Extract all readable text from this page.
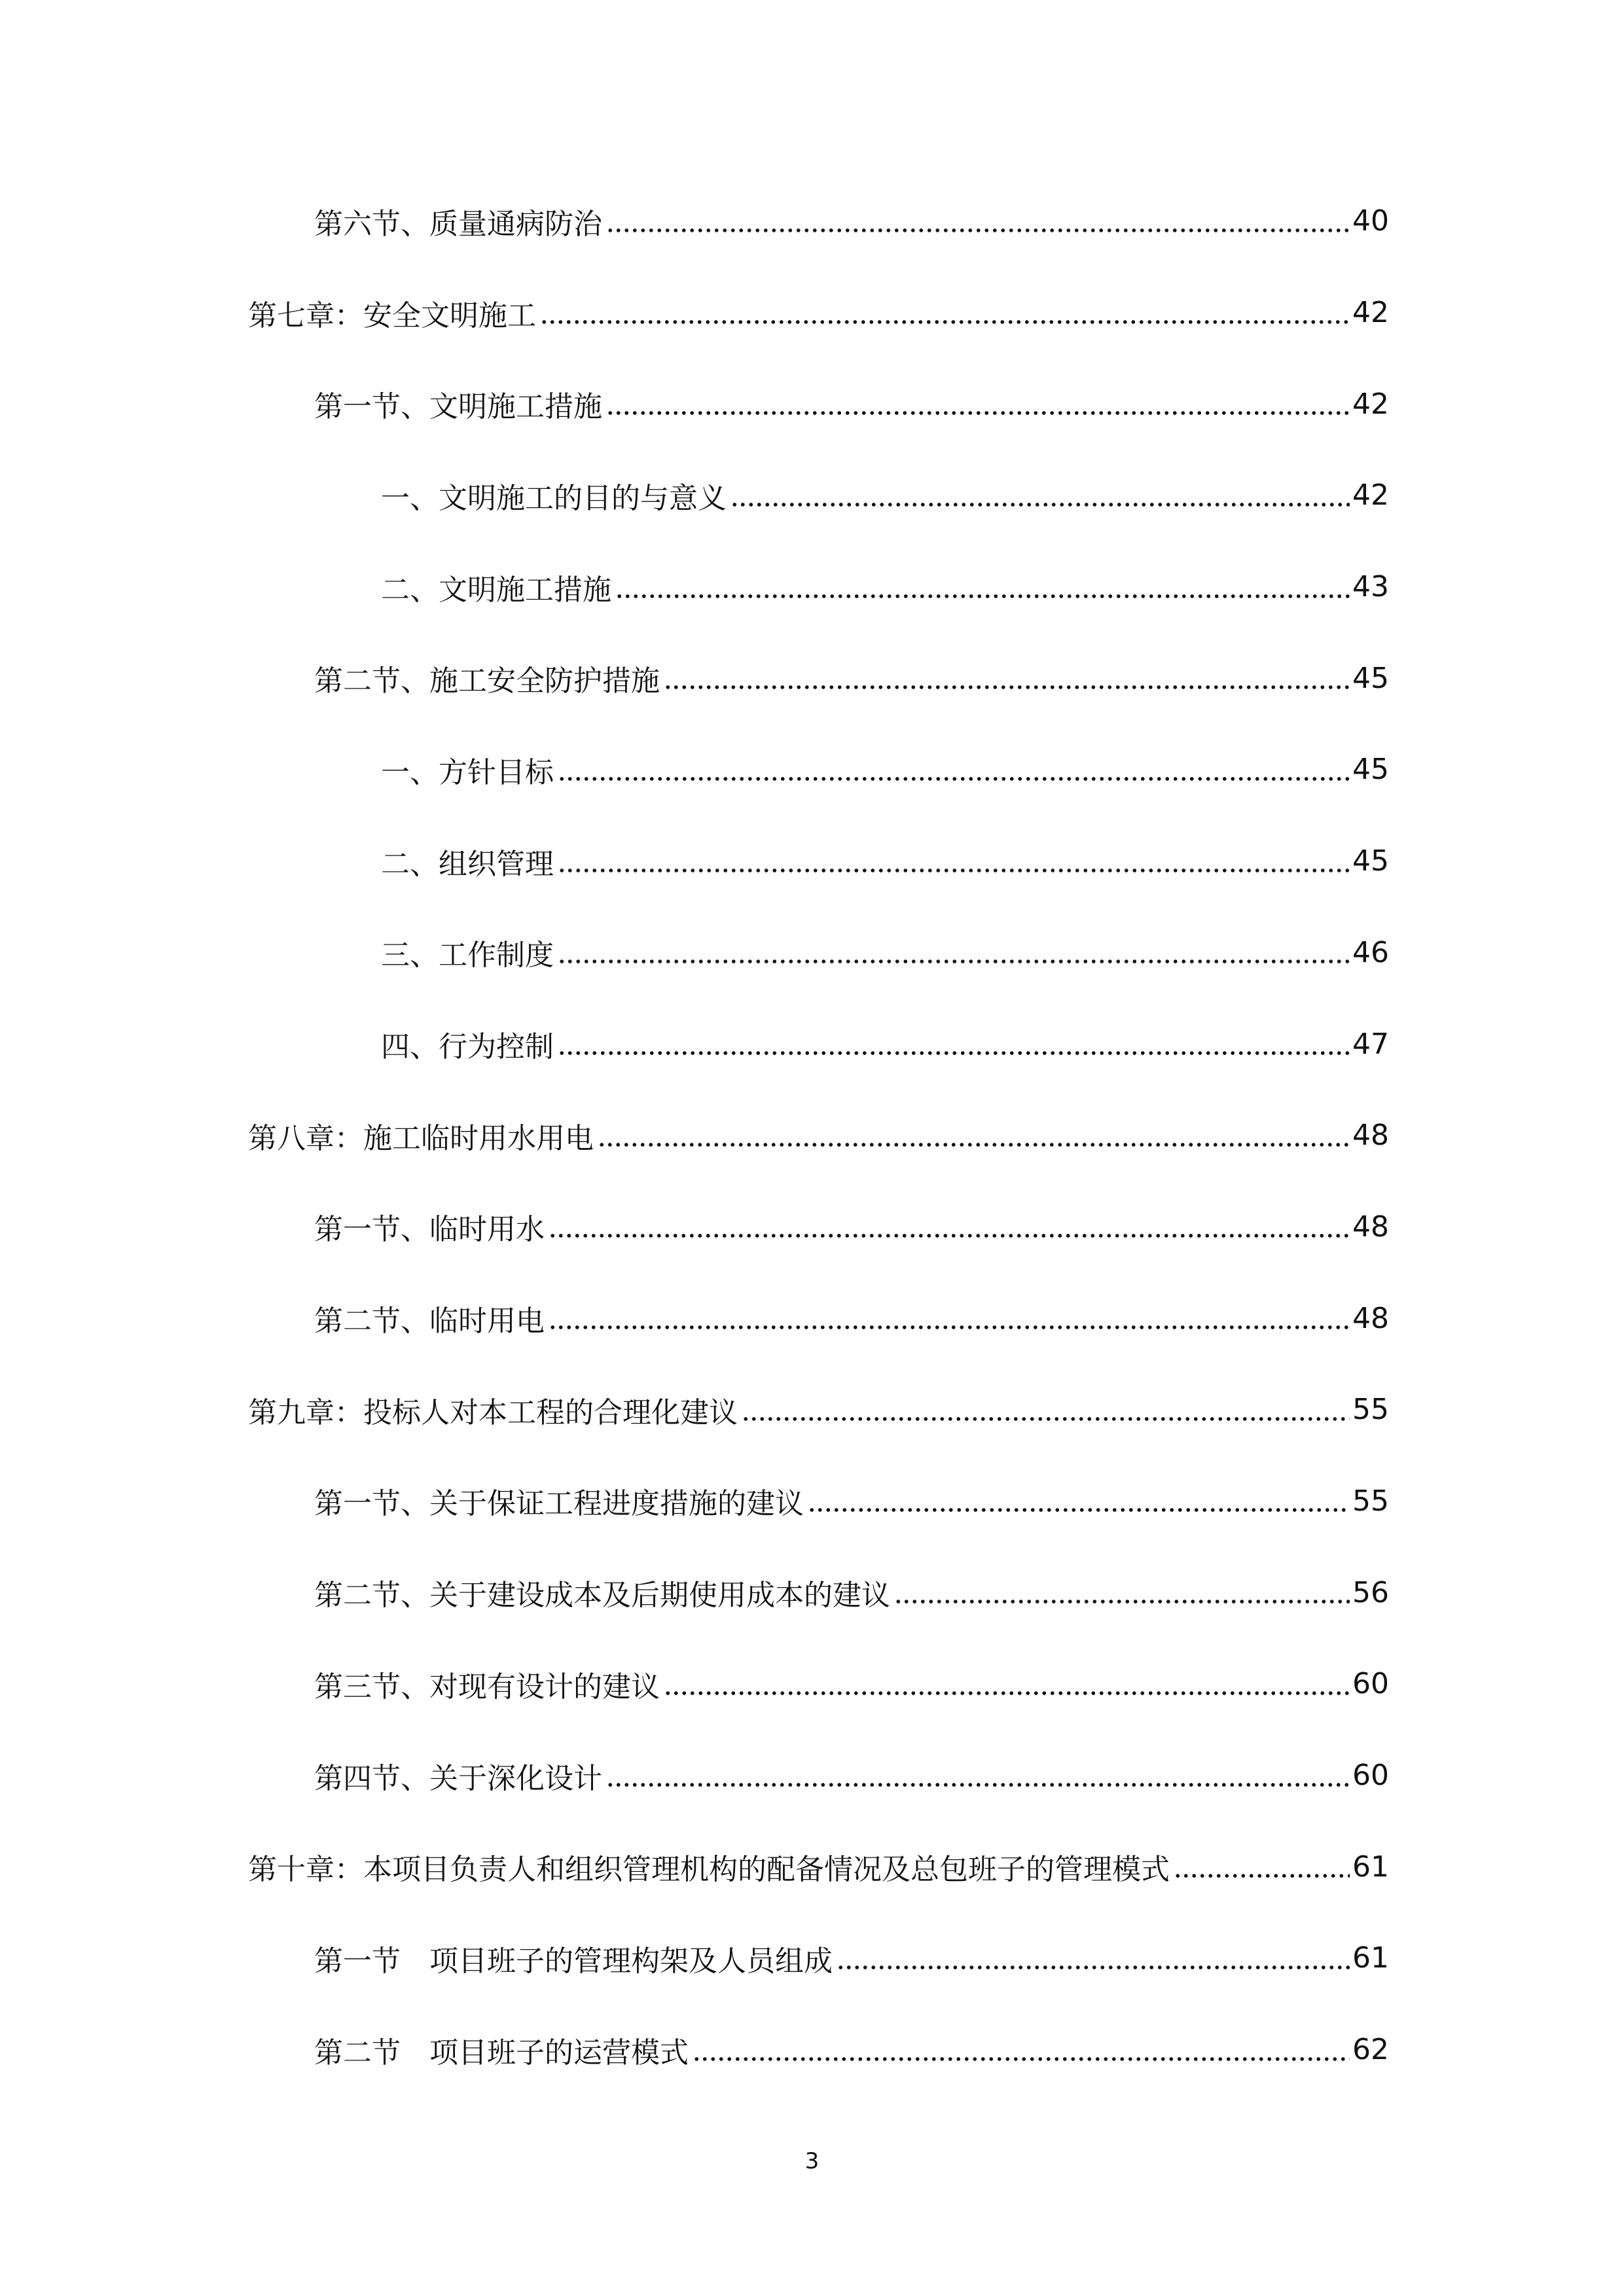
第六节、质量通病防治	40
第七章：安全文明施工	42
第一节、文明施工措施	42
一、文明施工的目的与意义	42
二、文明施工措施	43
第二节、施工安全防护措施	45
一、方针目标	45
二、组织管理	45
三、工作制度	46
四、行为控制	47
第八章：施工临时用水用电	48
第一节、临时用水	48
第二节、临时用电	48
第九章：投标人对本工程的合理化建议	55
第一节、关于保证工程进度措施的建议	55
第二节、关于建设成本及后期使用成本的建议	56
第三节、对现有设计的建议	60
第四节、关于深化设计	60
第十章：本项目负责人和组织管理机构的配备情况及总包班子的管理模式	61
第一节　项目班子的管理构架及人员组成	61
第二节　项目班子的运营模式	62
3
